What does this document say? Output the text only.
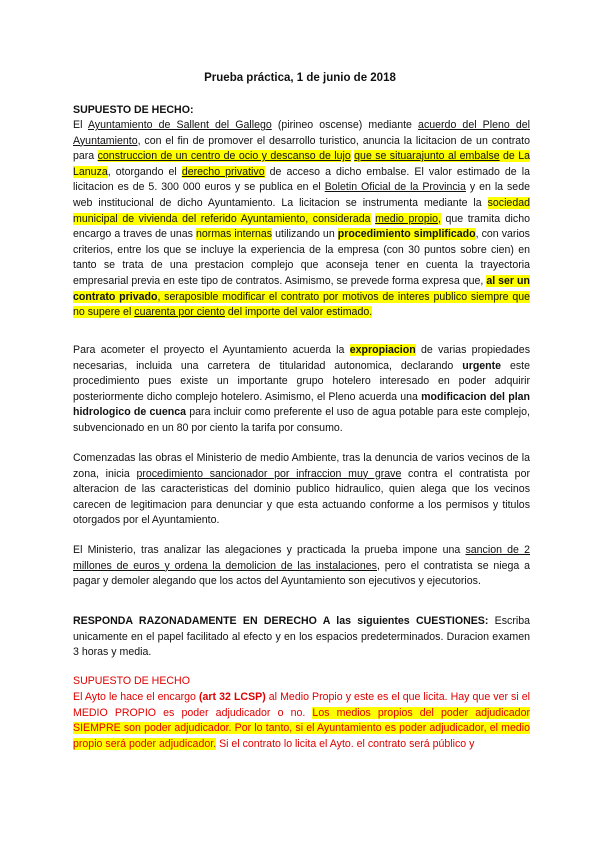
Prueba práctica, 1 de junio de 2018
SUPUESTO DE HECHO:
El Ayuntamiento de Sallent del Gallego (pirineo oscense) mediante acuerdo del Pleno del Ayuntamiento, con el fin de promover el desarrollo turistico, anuncia la licitacion de un contrato para construccion de un centro de ocio y descanso de lujo que se situarajunto al embalse de La Lanuza, otorgando el derecho privativo de acceso a dicho embalse. El valor estimado de la licitacion es de 5. 300 000 euros y se publica en el Boletin Oficial de la Provincia y en la sede web institucional de dicho Ayuntamiento. La licitacion se instrumenta mediante la sociedad municipal de vivienda del referido Ayuntamiento, considerada medio propio, que tramita dicho encargo a traves de unas normas internas utilizando un procedimiento simplificado, con varios criterios, entre los que se incluye la experiencia de la empresa (con 30 puntos sobre cien) en tanto se trata de una prestacion complejo que aconseja tener en cuenta la trayectoria empresarial previa en este tipo de contratos. Asimismo, se prevede forma expresa que, al ser un contrato privado, seraposible modificar el contrato por motivos de interes publico siempre que no supere el cuarenta por ciento del importe del valor estimado.
Para acometer el proyecto el Ayuntamiento acuerda la expropiacion de varias propiedades necesarias, incluida una carretera de titularidad autonomica, declarando urgente este procedimiento pues existe un importante grupo hotelero interesado en poder adquirir posteriormente dicho complejo hotelero. Asimismo, el Pleno acuerda una modificacion del plan hidrologico de cuenca para incluir como preferente el uso de agua potable para este complejo, subvencionado en un 80 por ciento la tarifa por consumo.
Comenzadas las obras el Ministerio de medio Ambiente, tras la denuncia de varios vecinos de la zona, inicia procedimiento sancionador por infraccion muy grave contra el contratista por alteracion de las caracteristicas del dominio publico hidraulico, quien alega que los vecinos carecen de legitimacion para denunciar y que esta actuando conforme a los permisos y titulos otorgados por el Ayuntamiento.
El Ministerio, tras analizar las alegaciones y practicada la prueba impone una sancion de 2 millones de euros y ordena la demolicion de las instalaciones, pero el contratista se niega a pagar y demoler alegando que los actos del Ayuntamiento son ejecutivos y ejecutorios.
RESPONDA RAZONADAMENTE EN DERECHO A las siguientes CUESTIONES: Escriba unicamente en el papel facilitado al efecto y en los espacios predeterminados. Duracion examen 3 horas y media.
SUPUESTO DE HECHO
El Ayto le hace el encargo (art 32 LCSP) al Medio Propio y este es el que licita. Hay que ver si el MEDIO PROPIO es poder adjudicador o no. Los medios propios del poder adjudicador SIEMPRE son poder adjudicador. Por lo tanto, si el Ayuntamiento es poder adjudicador, el medio propio será poder adjudicador. Si el contrato lo licita el Ayto. el contrato será público y
